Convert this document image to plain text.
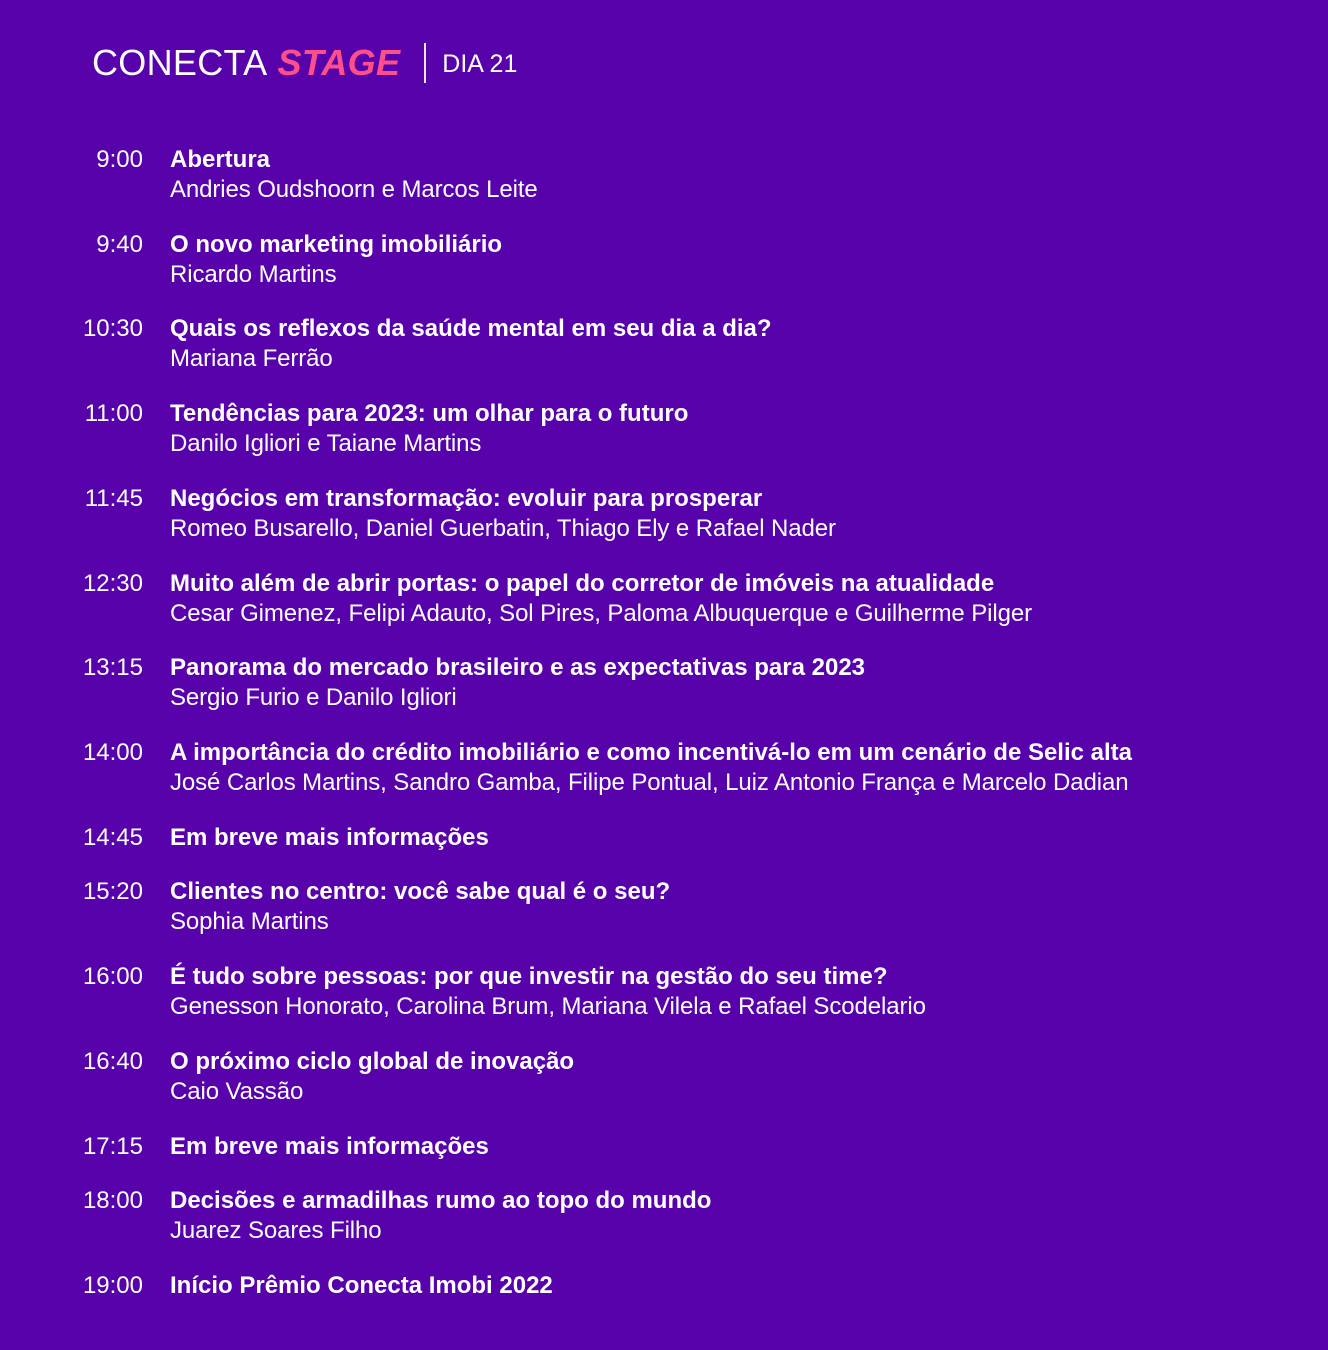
CONECTA STAGE DIA 21
9:00 Abertura
Andries Oudshoorn e Marcos Leite
9:40 O novo marketing imobiliário
Ricardo Martins
10:30 Quais os reflexos da saúde mental em seu dia a dia?
Mariana Ferrão
11:00 Tendências para 2023: um olhar para o futuro
Danilo Igliori e Taiane Martins
11:45 Negócios em transformação: evoluir para prosperar
Romeo Busarello, Daniel Guerbatin, Thiago Ely e Rafael Nader
12:30 Muito além de abrir portas: o papel do corretor de imóveis na atualidade
Cesar Gimenez, Felipi Adauto, Sol Pires, Paloma Albuquerque e Guilherme Pilger
13:15 Panorama do mercado brasileiro e as expectativas para 2023
Sergio Furio e Danilo Igliori
14:00 A importância do crédito imobiliário e como incentivá-lo em um cenário de Selic alta
José Carlos Martins, Sandro Gamba, Filipe Pontual, Luiz Antonio França e Marcelo Dadian
14:45 Em breve mais informações
15:20 Clientes no centro: você sabe qual é o seu?
Sophia Martins
16:00 É tudo sobre pessoas: por que investir na gestão do seu time?
Genesson Honorato, Carolina Brum, Mariana Vilela e Rafael Scodelario
16:40 O próximo ciclo global de inovação
Caio Vassão
17:15 Em breve mais informações
18:00 Decisões e armadilhas rumo ao topo do mundo
Juarez Soares Filho
19:00 Início Prêmio Conecta Imobi 2022
